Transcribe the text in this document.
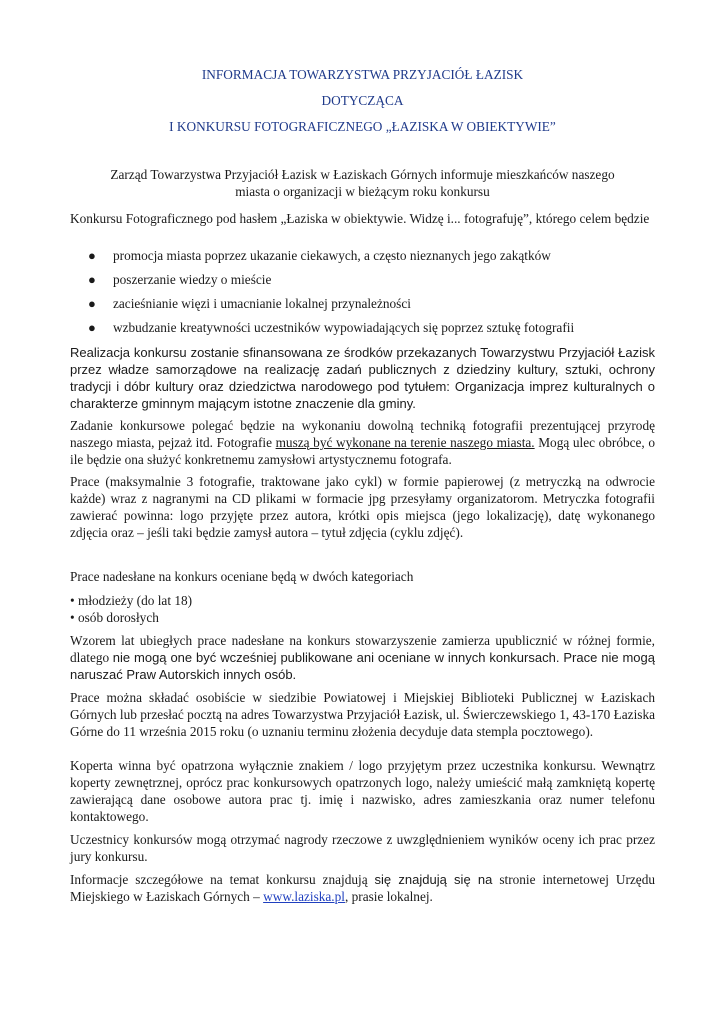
INFORMACJA TOWARZYSTWA PRZYJACIÓŁ ŁAZISK

DOTYCZĄCA

I KONKURSU FOTOGRAFICZNEGO „ŁAZISKA W OBIEKTYWIE”

Zarząd Towarzystwa Przyjaciół Łazisk w Łaziskach Górnych informuje mieszkańców naszego

miasta o organizacji w bieżącym roku konkursu

Konkursu Fotograficznego pod hasłem „Łaziska w obiektywie. Widzę i... fotografuję”, którego celem będzie

● promocja miasta poprzez ukazanie ciekawych, a często nieznanych jego zakątków
● poszerzanie wiedzy o mieście
● zacieśnianie więzi i umacnianie lokalnej przynależności
● wzbudzanie kreatywności uczestników wypowiadających się poprzez sztukę fotografii

Realizacja konkursu zostanie sfinansowana ze środków przekazanych Towarzystwu Przyjaciół Łazisk przez władze samorządowe na realizację zadań publicznych z dziedziny kultury, sztuki, ochrony tradycji i dóbr kultury oraz dziedzictwa narodowego pod tytułem: Organizacja imprez kulturalnych o charakterze gminnym mającym istotne znaczenie dla gminy.

Zadanie konkursowe polegać będzie na wykonaniu dowolną techniką fotografii prezentującej przyrodę naszego miasta, pejzaż itd. Fotografie muszą być wykonane na terenie naszego miasta. Mogą ulec obróbce, o ile będzie ona służyć konkretnemu zamysłowi artystycznemu fotografa.

Prace (maksymalnie 3 fotografie, traktowane jako cykl) w formie papierowej (z metryczką na odwrocie każde) wraz z nagranymi na CD plikami w formacie jpg przesyłamy organizatorom. Metryczka fotografii zawierać powinna: logo przyjęte przez autora, krótki opis miejsca (jego lokalizację), datę wykonanego zdjęcia oraz – jeśli taki będzie zamysł autora – tytuł zdjęcia (cyklu zdjęć).

Prace nadesłane na konkurs oceniane będą w dwóch kategoriach

• młodzieży (do lat 18)

• osób dorosłych

Wzorem lat ubiegłych prace nadesłane na konkurs stowarzyszenie zamierza upublicznić w różnej formie, dlatego nie mogą one być wcześniej publikowane ani oceniane w innych konkursach. Prace nie mogą naruszać Praw Autorskich innych osób.

Prace można składać osobiście w siedzibie Powiatowej i Miejskiej Biblioteki Publicznej w Łaziskach Górnych lub przesłać pocztą na adres Towarzystwa Przyjaciół Łazisk, ul. Świerczewskiego 1, 43-170 Łaziska Górne do 11 września 2015 roku (o uznaniu terminu złożenia decyduje data stempla pocztowego).

Koperta winna być opatrzona wyłącznie znakiem / logo przyjętym przez uczestnika konkursu. Wewnątrz koperty zewnętrznej, oprócz prac konkursowych opatrzonych logo, należy umieścić małą zamkniętą kopertę zawierającą dane osobowe autora prac tj. imię i nazwisko, adres zamieszkania oraz numer telefonu kontaktowego.

Uczestnicy konkursów mogą otrzymać nagrody rzeczowe z uwzględnieniem wyników oceny ich prac przez jury konkursu.

Informacje szczegółowe na temat konkursu znajdują się znajdują się na stronie internetowej Urzędu Miejskiego w Łaziskach Górnych – www.laziska.pl, prasie lokalnej.
